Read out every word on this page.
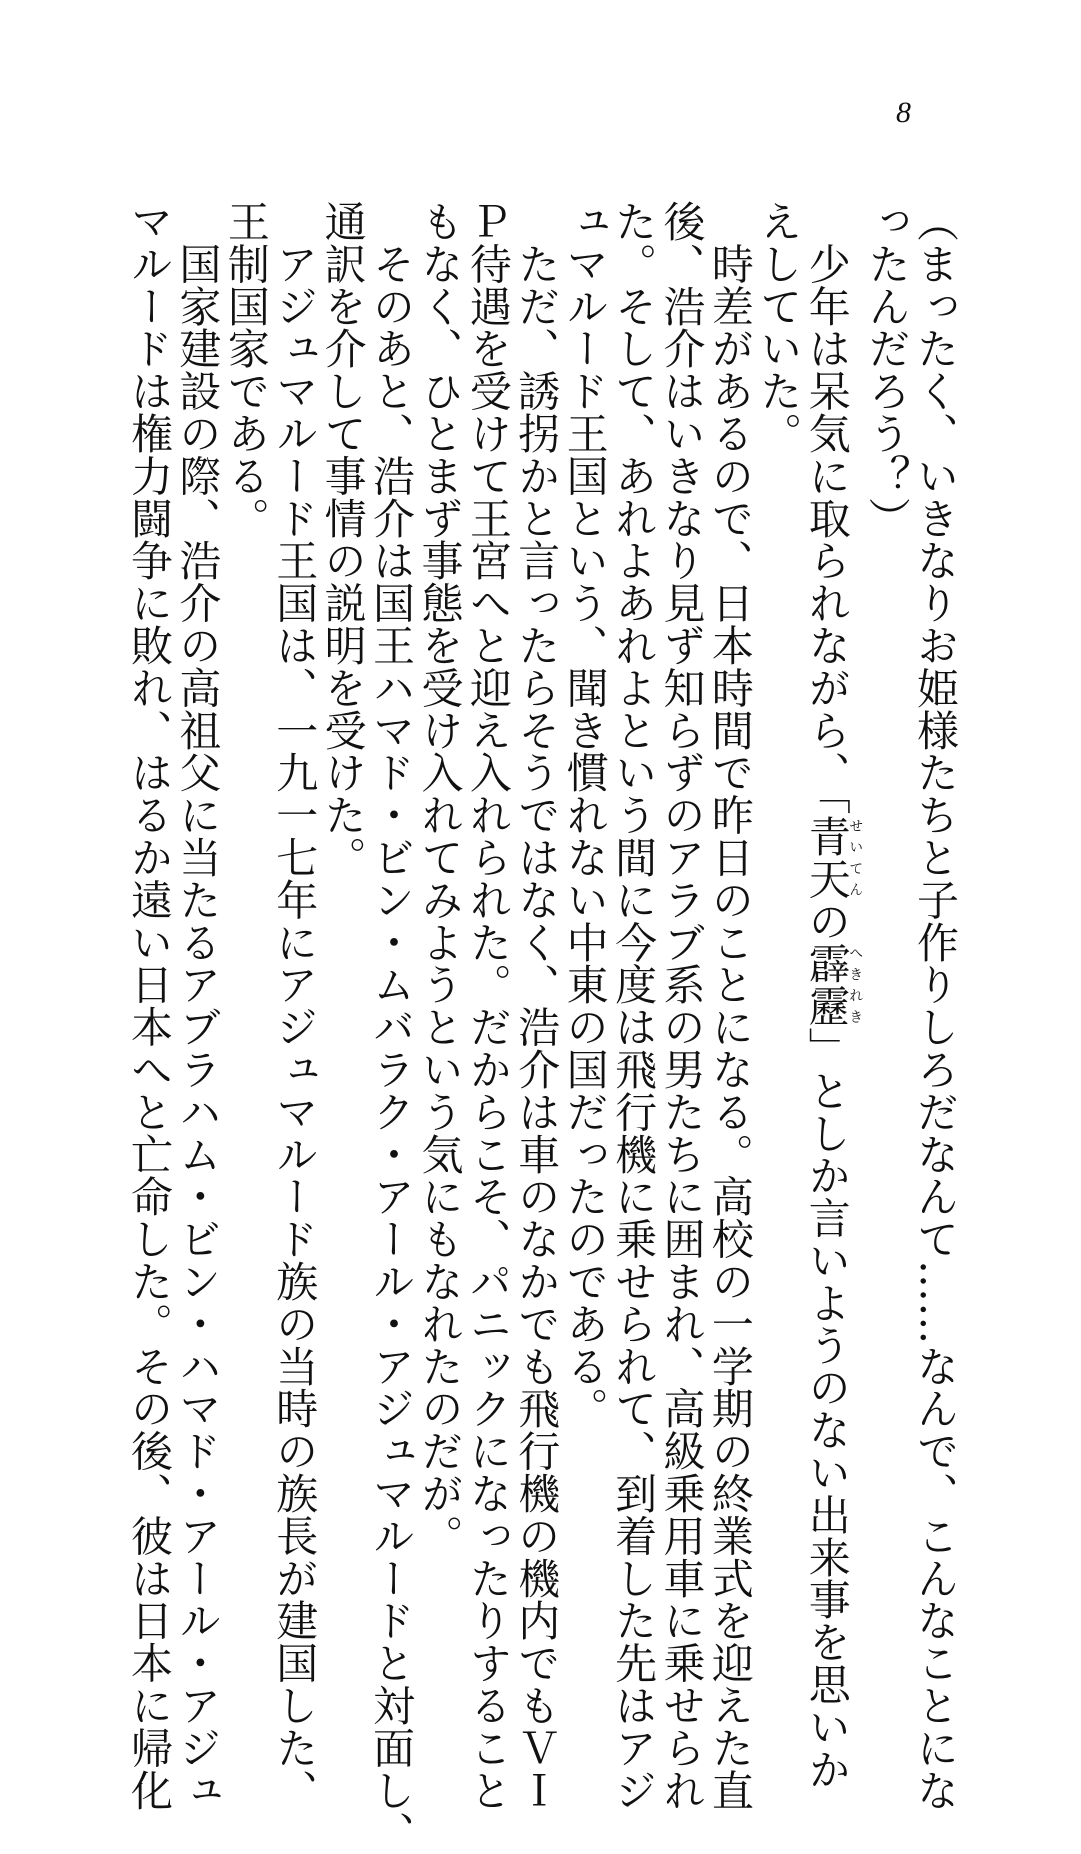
8
（まったく、いきなりお姫様たちと子作りしろだなんて……なんで、こんなことにな
ったんだろう？）
　少年は呆気に取られながら、「青天せいてんの霹靂へきれき」としか言いようのない出来事を思いか
えしていた。
　時差があるので、日本時間で昨日のことになる。高校の一学期の終業式を迎えた直
後、浩介はいきなり見ず知らずのアラブ系の男たちに囲まれ、高級乗用車に乗せられ
た。そして、あれよあれよという間に今度は飛行機に乗せられて、到着した先はアジ
ュマルード王国という、聞き慣れない中東の国だったのである。
　ただ、誘拐かと言ったらそうではなく、浩介は車のなかでも飛行機の機内でもＶＩ
Ｐ待遇を受けて王宮へと迎え入れられた。だからこそ、パニックになったりすること
もなく、ひとまず事態を受け入れてみようという気にもなれたのだが。
　そのあと、浩介は国王ハマド・ビン・ムバラク・アール・アジュマルードと対面し、
通訳を介して事情の説明を受けた。
　アジュマルード王国は、一九一七年にアジュマルード族の当時の族長が建国した、
王制国家である。
　国家建設の際、浩介の高祖父に当たるアブラハム・ビン・ハマド・アール・アジュ
マルードは権力闘争に敗れ、はるか遠い日本へと亡命した。その後、彼は日本に帰化
